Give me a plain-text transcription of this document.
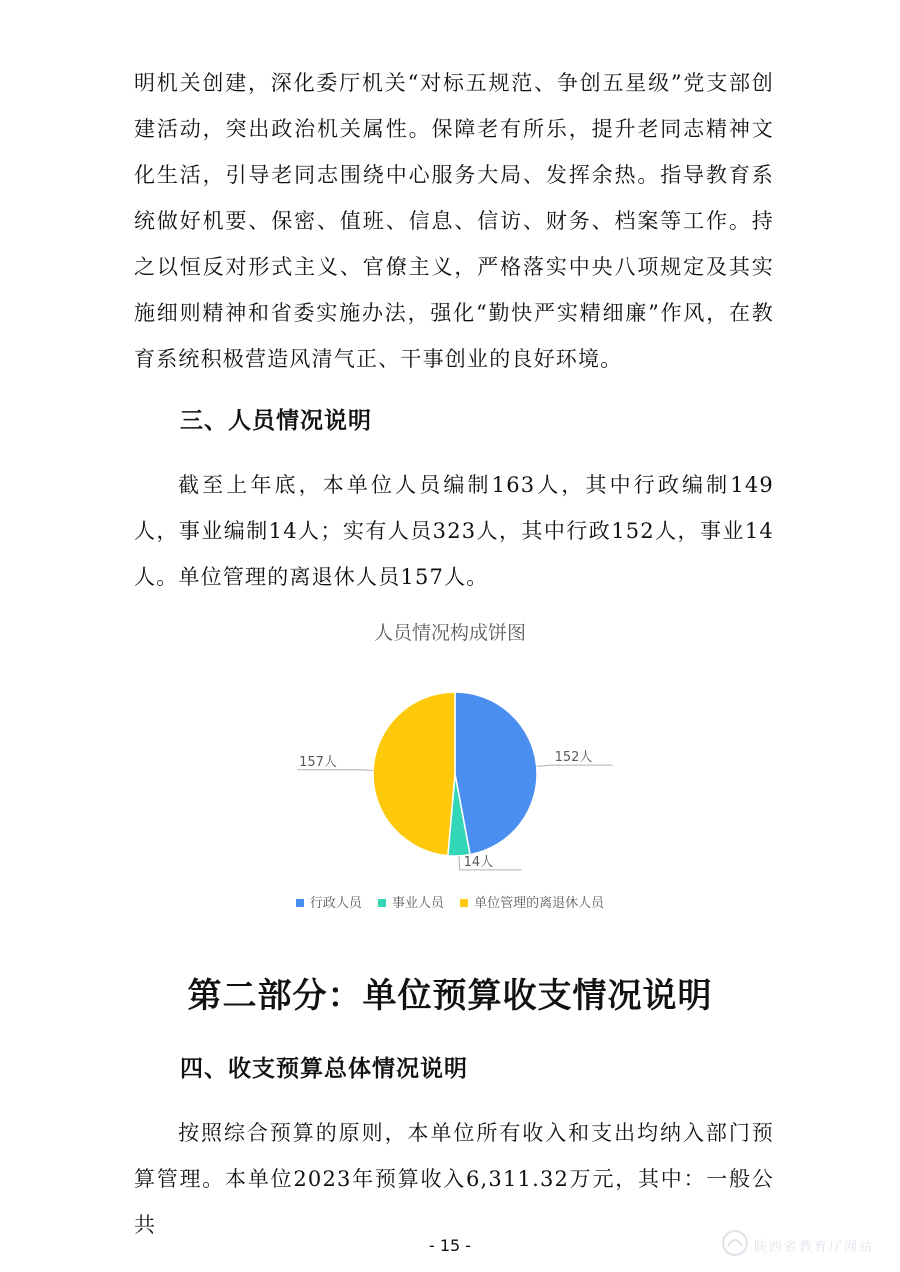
明机关创建，深化委厅机关“对标五规范、争创五星级”党支部创建活动，突出政治机关属性。保障老有所乐，提升老同志精神文化生活，引导老同志围绕中心服务大局、发挥余热。指导教育系统做好机要、保密、值班、信息、信访、财务、档案等工作。持之以恒反对形式主义、官僚主义，严格落实中央八项规定及其实施细则精神和省委实施办法，强化“勤快严实精细廉”作风，在教育系统积极营造风清气正、干事创业的良好环境。

三、人员情况说明

截至上年底，本单位人员编制163人，其中行政编制149人，事业编制14人；实有人员323人，其中行政152人，事业14人。单位管理的离退休人员157人。

人员情况构成饼图
152人
14人
157人
行政人员 事业人员 单位管理的离退休人员
第二部分：单位预算收支情况说明
四、收支预算总体情况说明

按照综合预算的原则，本单位所有收入和支出均纳入部门预算管理。本单位2023年预算收入6,311.32万元，其中：一般公共

- 15 -	陕西省教育厅网站
